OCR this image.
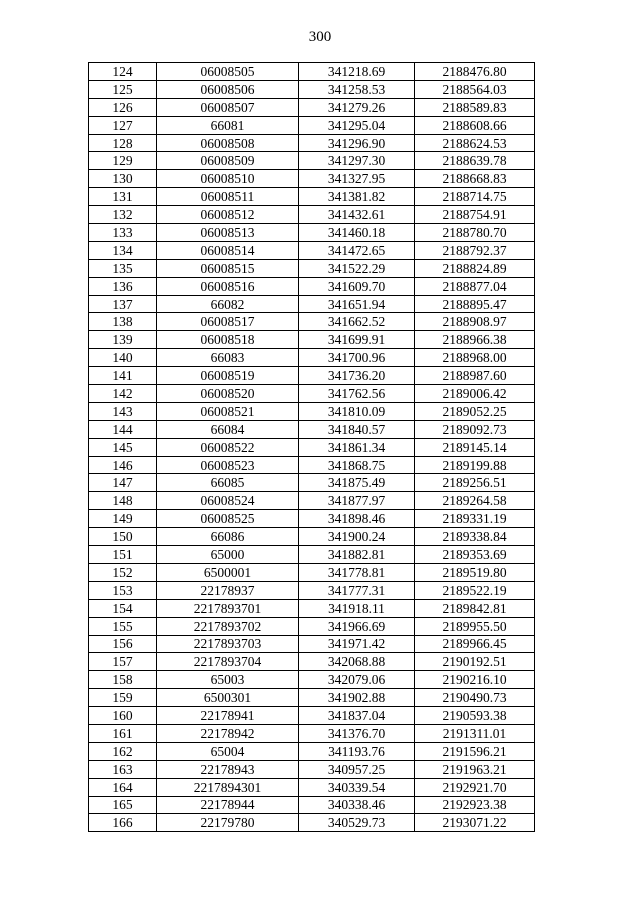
300
124	06008505	341218.69	2188476.80
125	06008506	341258.53	2188564.03
126	06008507	341279.26	2188589.83
127	66081	341295.04	2188608.66
128	06008508	341296.90	2188624.53
129	06008509	341297.30	2188639.78
130	06008510	341327.95	2188668.83
131	06008511	341381.82	2188714.75
132	06008512	341432.61	2188754.91
133	06008513	341460.18	2188780.70
134	06008514	341472.65	2188792.37
135	06008515	341522.29	2188824.89
136	06008516	341609.70	2188877.04
137	66082	341651.94	2188895.47
138	06008517	341662.52	2188908.97
139	06008518	341699.91	2188966.38
140	66083	341700.96	2188968.00
141	06008519	341736.20	2188987.60
142	06008520	341762.56	2189006.42
143	06008521	341810.09	2189052.25
144	66084	341840.57	2189092.73
145	06008522	341861.34	2189145.14
146	06008523	341868.75	2189199.88
147	66085	341875.49	2189256.51
148	06008524	341877.97	2189264.58
149	06008525	341898.46	2189331.19
150	66086	341900.24	2189338.84
151	65000	341882.81	2189353.69
152	6500001	341778.81	2189519.80
153	22178937	341777.31	2189522.19
154	2217893701	341918.11	2189842.81
155	2217893702	341966.69	2189955.50
156	2217893703	341971.42	2189966.45
157	2217893704	342068.88	2190192.51
158	65003	342079.06	2190216.10
159	6500301	341902.88	2190490.73
160	22178941	341837.04	2190593.38
161	22178942	341376.70	2191311.01
162	65004	341193.76	2191596.21
163	22178943	340957.25	2191963.21
164	2217894301	340339.54	2192921.70
165	22178944	340338.46	2192923.38
166	22179780	340529.73	2193071.22
